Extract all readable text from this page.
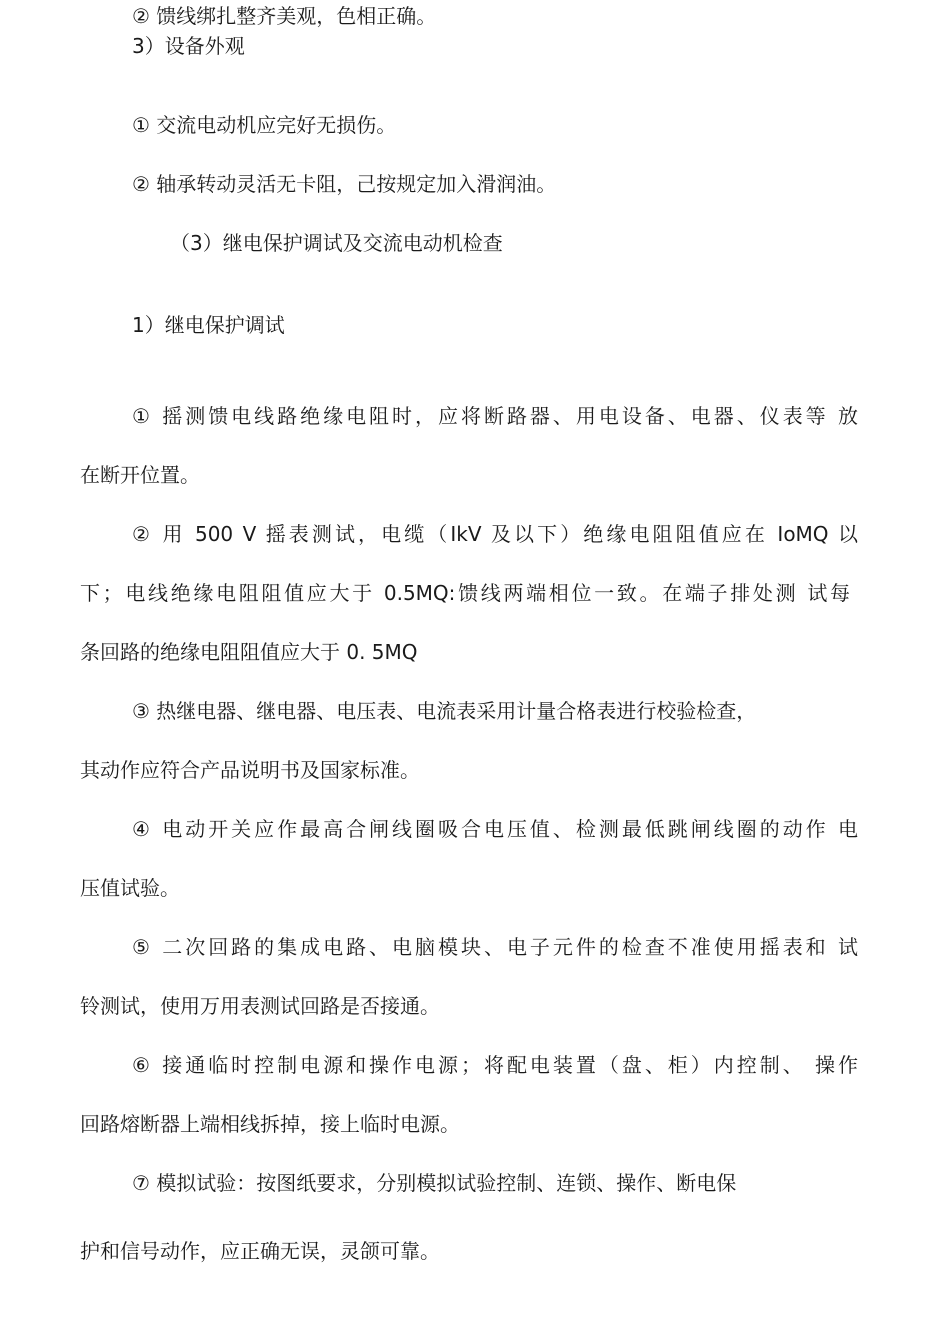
② 馈线绑扎整齐美观，色相正确。

3）设备外观

① 交流电动机应完好无损伤。

② 轴承转动灵活无卡阻，己按规定加入滑润油。

（3）继电保护调试及交流电动机检查

1）继电保护调试

① 摇测馈电线路绝缘电阻时，应将断路器、用电设备、电器、仪表等 放

在断开位置。

② 用 500 V 摇表测试，电缆（IkV 及以下）绝缘电阻阻值应在 IoMQ 以

下；电线绝缘电阻阻值应大于 0.5MQ:馈线两端相位一致。在端子排处测 试每

条回路的绝缘电阻阻值应大于 0. 5MQ

③ 热继电器、继电器、电压表、电流表采用计量合格表进行校验检查，

其动作应符合产品说明书及国家标准。

④ 电动开关应作最高合闸线圈吸合电压值、检测最低跳闸线圈的动作 电

压值试验。

⑤ 二次回路的集成电路、电脑模块、电子元件的检查不准使用摇表和 试

铃测试，使用万用表测试回路是否接通。

⑥ 接通临时控制电源和操作电源；将配电装置（盘、柜）内控制、 操作

回路熔断器上端相线拆掉，接上临时电源。

⑦ 模拟试验：按图纸要求，分别模拟试验控制、连锁、操作、断电保

护和信号动作，应正确无误，灵颌可靠。
